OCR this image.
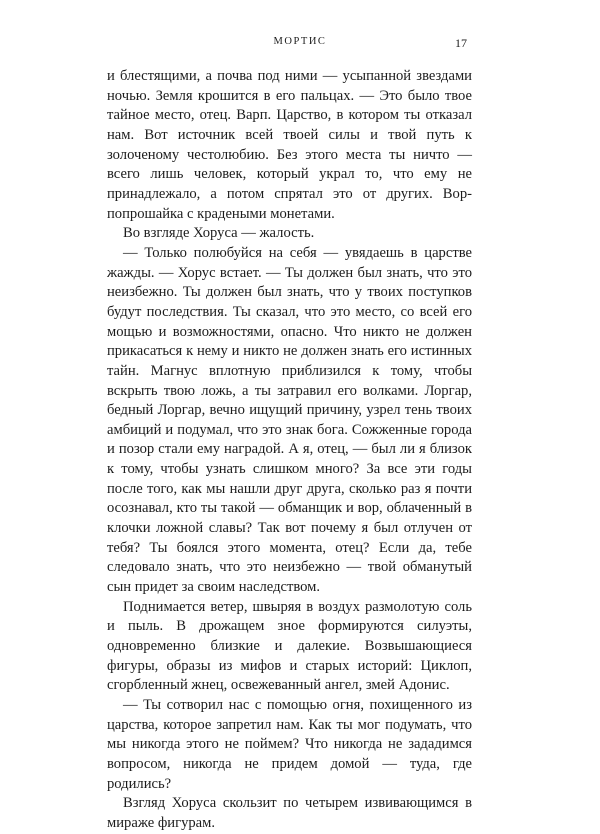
МОРТИС	17

и блестящими, а почва под ними — усыпанной звездами ночью. Земля крошится в его пальцах. — Это было твое тайное место, отец. Варп. Царство, в котором ты отказал нам. Вот источник всей твоей силы и твой путь к золоченому честолюбию. Без этого места ты ничто — всего лишь человек, который украл то, что ему не принадлежало, а потом спрятал это от других. Вор-попрошайка с крадеными монетами.

Во взгляде Хоруса — жалость.

— Только полюбуйся на себя — увядаешь в царстве жажды. — Хорус встает. — Ты должен был знать, что это неизбежно. Ты должен был знать, что у твоих поступков будут последствия. Ты сказал, что это место, со всей его мощью и возможностями, опасно. Что никто не должен прикасаться к нему и никто не должен знать его истинных тайн. Магнус вплотную приблизился к тому, чтобы вскрыть твою ложь, а ты затравил его волками. Лоргар, бедный Лоргар, вечно ищущий причину, узрел тень твоих амбиций и подумал, что это знак бога. Сожженные города и позор стали ему наградой. А я, отец, — был ли я близок к тому, чтобы узнать слишком много? За все эти годы после того, как мы нашли друг друга, сколько раз я почти осознавал, кто ты такой — обманщик и вор, облаченный в клочки ложной славы? Так вот почему я был отлучен от тебя? Ты боялся этого момента, отец? Если да, тебе следовало знать, что это неизбежно — твой обманутый сын придет за своим наследством.

Поднимается ветер, швыряя в воздух размолотую соль и пыль. В дрожащем зное формируются силуэты, одновременно близкие и далекие. Возвышающиеся фигуры, образы из мифов и старых историй: Циклоп, сгорбленный жнец, освежеванный ангел, змей Адонис.

— Ты сотворил нас с помощью огня, похищенного из царства, которое запретил нам. Как ты мог подумать, что мы никогда этого не поймем? Что никогда не зададимся вопросом, никогда не придем домой — туда, где родились?

Взгляд Хоруса скользит по четырем извивающимся в мираже фигурам.
